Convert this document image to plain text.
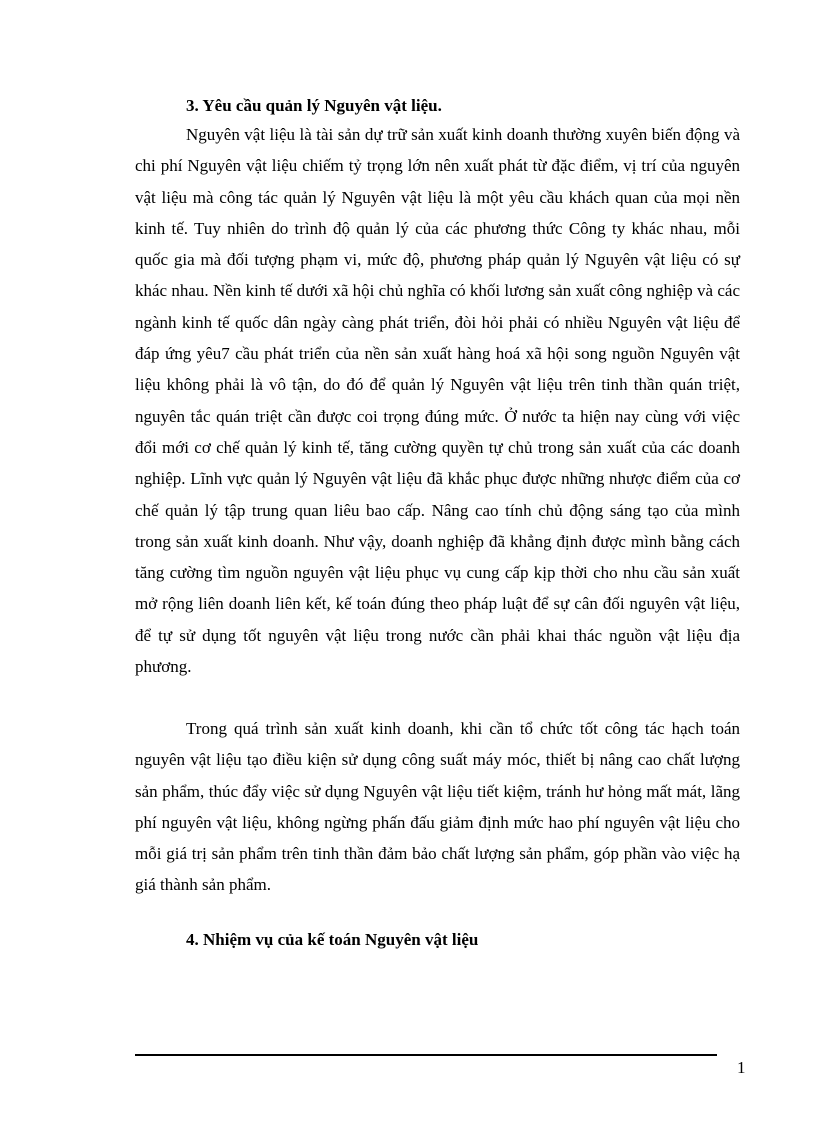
3. Yêu cầu quản lý Nguyên vật liệu.

Nguyên vật liệu là tài sản dự trữ sản xuất kinh doanh thường xuyên biến động và chi phí Nguyên vật liệu chiếm tỷ trọng lớn nên xuất phát từ đặc điểm, vị trí của nguyên vật liệu mà công tác quản lý Nguyên vật liệu là một yêu cầu khách quan của mọi nền kinh tế. Tuy nhiên do trình độ quản lý của các phương thức Công ty khác nhau, mỗi quốc gia mà đối tượng phạm vi, mức độ, phương pháp quản lý Nguyên vật liệu có sự khác nhau. Nền kinh tế dưới xã hội chủ nghĩa có khối lương sản xuất công nghiệp và các ngành kinh tế quốc dân ngày càng phát triển, đòi hỏi phải có nhiều Nguyên vật liệu để đáp ứng yêu7 cầu phát triển của nền sản xuất hàng hoá xã hội song nguồn Nguyên vật liệu không phải là vô tận, do đó để quản lý Nguyên vật liệu trên tinh thần quán triệt, nguyên tắc quán triệt cần được coi trọng đúng mức. Ở nước ta hiện nay cùng với việc đổi mới cơ chế quản lý kinh tế, tăng cường quyền tự chủ trong sản xuất của các doanh nghiệp. Lĩnh vực quản lý Nguyên vật liệu đã khắc phục được những nhược điểm của cơ chế quản lý tập trung quan liêu bao cấp. Nâng cao tính chủ động sáng tạo của mình trong sản xuất kinh doanh. Như vậy, doanh nghiệp đã khẳng định được mình bằng cách tăng cường tìm nguồn nguyên vật liệu phục vụ cung cấp kịp thời cho nhu cầu sản xuất mở rộng liên doanh liên kết, kế toán đúng theo pháp luật để sự cân đối nguyên vật liệu, để tự sử dụng tốt nguyên vật liệu trong nước cần phải khai thác nguồn vật liệu địa phương.

Trong quá trình sản xuất kinh doanh, khi cần tổ chức tốt công tác hạch toán nguyên vật liệu tạo điều kiện sử dụng công suất máy móc, thiết bị nâng cao chất lượng sản phẩm, thúc đẩy việc sử dụng Nguyên vật liệu tiết kiệm, tránh hư hỏng mất mát, lãng phí nguyên vật liệu, không ngừng phấn đấu giảm định mức hao phí nguyên vật liệu cho mỗi giá trị sản phẩm trên tinh thần đảm bảo chất lượng sản phẩm, góp phần vào việc hạ giá thành sản phẩm.

4. Nhiệm vụ của kế toán Nguyên vật liệu
1
